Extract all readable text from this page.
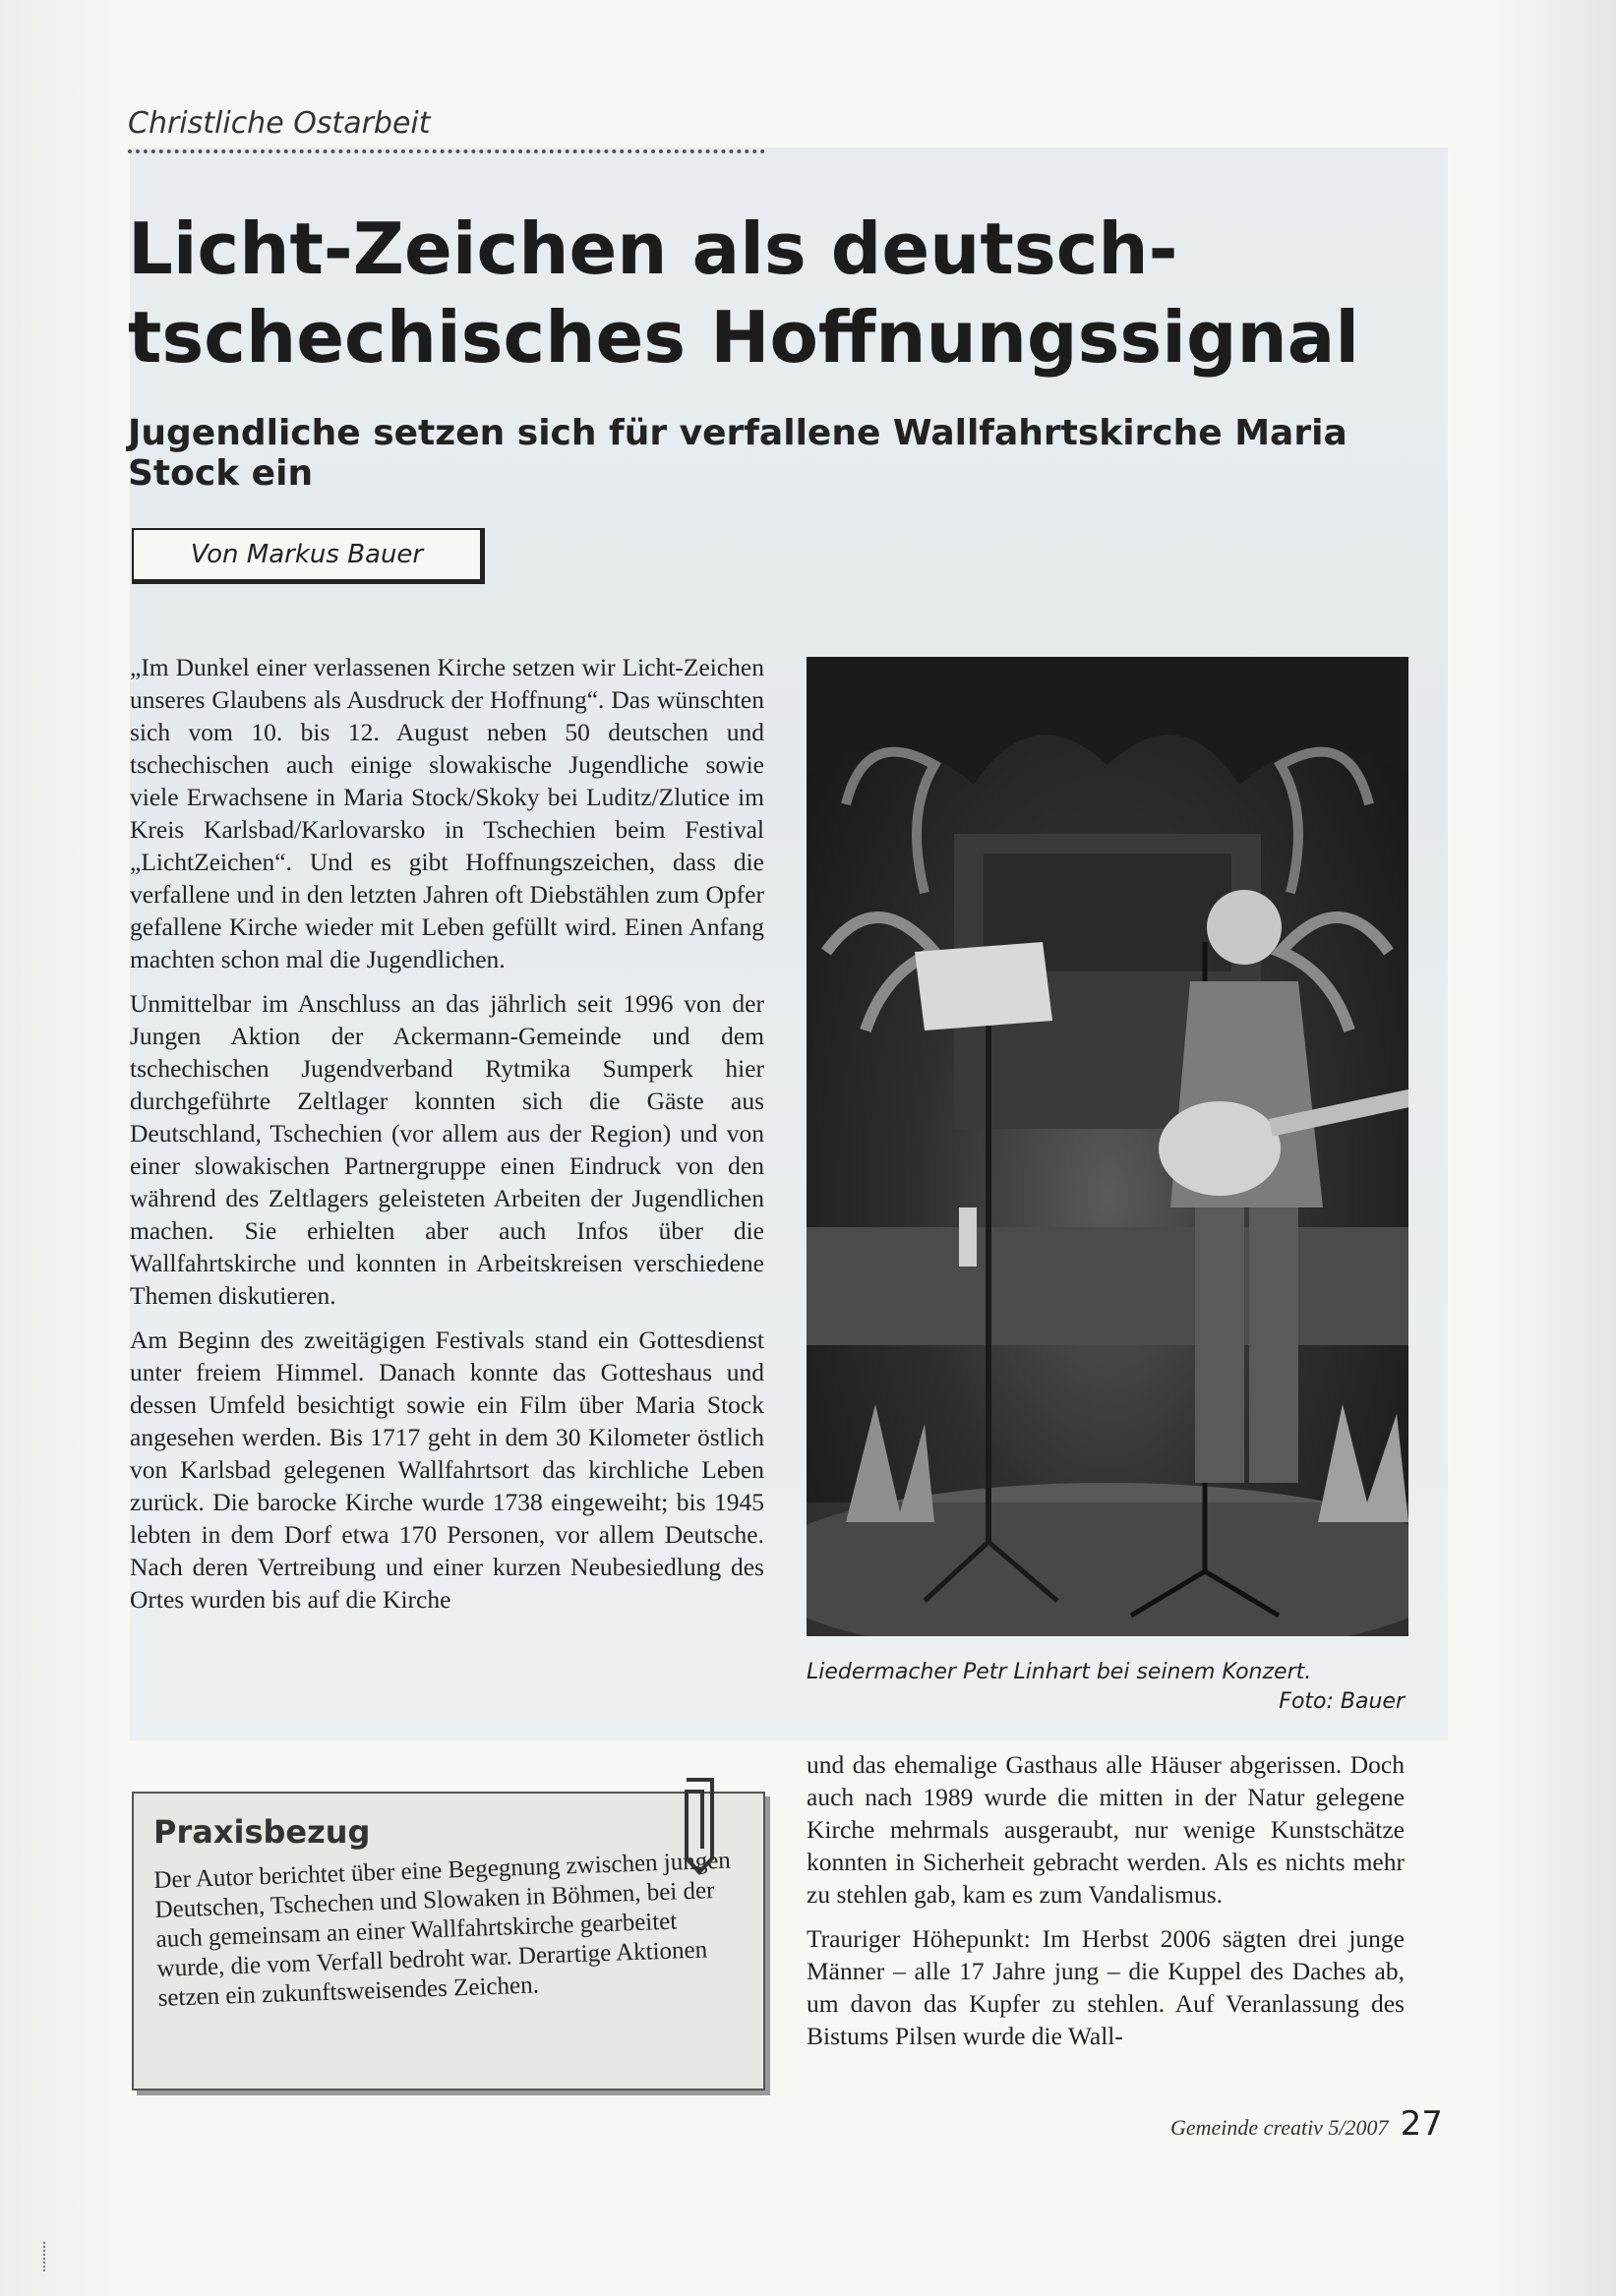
Christliche Ostarbeit
Licht-Zeichen als deutsch-tschechisches Hoffnungssignal
Jugendliche setzen sich für verfallene Wallfahrtskirche Maria Stock ein
Von Markus Bauer

„Im Dunkel einer verlassenen Kirche setzen wir Licht-Zeichen unseres Glaubens als Ausdruck der Hoffnung“. Das wünschten sich vom 10. bis 12. August neben 50 deutschen und tschechischen auch einige slowakische Jugendliche sowie viele Erwachsene in Maria Stock/Skoky bei Luditz/Zlutice im Kreis Karlsbad/Karlovarsko in Tschechien beim Festival „LichtZeichen“. Und es gibt Hoffnungszeichen, dass die verfallene und in den letzten Jahren oft Diebstählen zum Opfer gefallene Kirche wieder mit Leben gefüllt wird. Einen Anfang machten schon mal die Jugendlichen.

Unmittelbar im Anschluss an das jährlich seit 1996 von der Jungen Aktion der Ackermann-Gemeinde und dem tschechischen Jugendverband Rytmika Sumperk hier durchgeführte Zeltlager konnten sich die Gäste aus Deutschland, Tschechien (vor allem aus der Region) und von einer slowakischen Partnergruppe einen Eindruck von den während des Zeltlagers geleisteten Arbeiten der Jugendlichen machen. Sie erhielten aber auch Infos über die Wallfahrtskirche und konnten in Arbeitskreisen verschiedene Themen diskutieren.

Am Beginn des zweitägigen Festivals stand ein Gottesdienst unter freiem Himmel. Danach konnte das Gotteshaus und dessen Umfeld besichtigt sowie ein Film über Maria Stock angesehen werden. Bis 1717 geht in dem 30 Kilometer östlich von Karlsbad gelegenen Wallfahrtsort das kirchliche Leben zurück. Die barocke Kirche wurde 1738 eingeweiht; bis 1945 lebten in dem Dorf etwa 170 Personen, vor allem Deutsche. Nach deren Vertreibung und einer kurzen Neubesiedlung des Ortes wurden bis auf die Kirche

Liedermacher Petr Linhart bei seinem Konzert.
Foto: Bauer

und das ehemalige Gasthaus alle Häuser abgerissen. Doch auch nach 1989 wurde die mitten in der Natur gelegene Kirche mehrmals ausgeraubt, nur wenige Kunstschätze konnten in Sicherheit gebracht werden. Als es nichts mehr zu stehlen gab, kam es zum Vandalismus.

Trauriger Höhepunkt: Im Herbst 2006 sägten drei junge Männer – alle 17 Jahre jung – die Kuppel des Daches ab, um davon das Kupfer zu stehlen. Auf Veranlassung des Bistums Pilsen wurde die Wall-

Praxisbezug
Der Autor berichtet über eine Begegnung zwischen jungen Deutschen, Tschechen und Slowaken in Böhmen, bei der auch gemeinsam an einer Wallfahrtskirche gearbeitet wurde, die vom Verfall bedroht war. Derartige Aktionen setzen ein zukunftsweisendes Zeichen.
Gemeinde creativ 5/2007 27
